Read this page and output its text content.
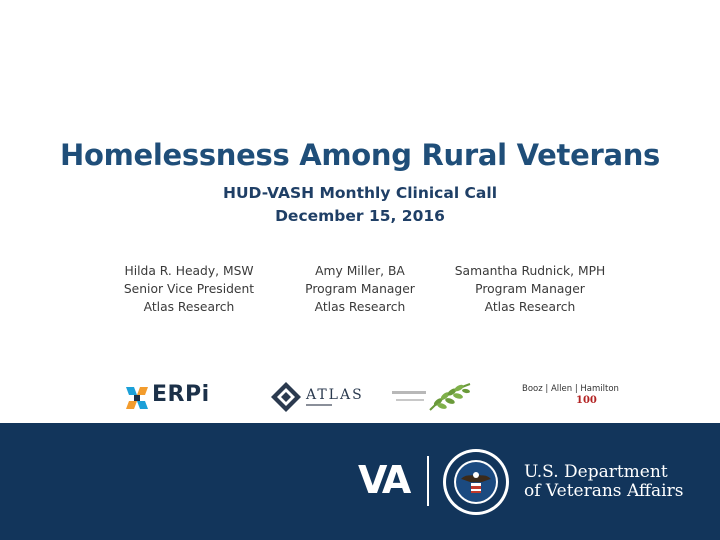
Homelessness Among Rural Veterans
HUD-VASH Monthly Clinical Call
December 15, 2016
Hilda R. Heady, MSW
Senior Vice President
Atlas Research
Amy Miller, BA
Program Manager
Atlas Research
Samantha Rudnick, MPH
Program Manager
Atlas Research
ERPi	ATLAS	Booz | Allen | Hamilton
100
VA	U.S. Department
of Veterans Affairs
